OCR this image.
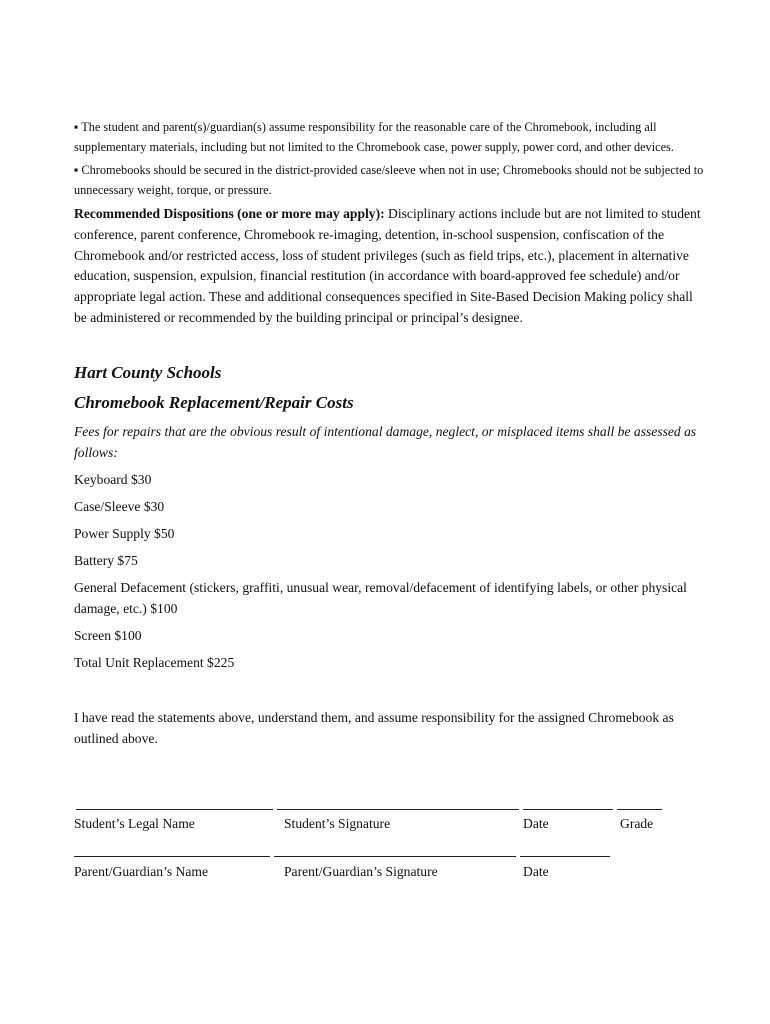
▪ The student and parent(s)/guardian(s) assume responsibility for the reasonable care of the Chromebook, including all supplementary materials, including but not limited to the Chromebook case, power supply, power cord, and other devices.

▪ Chromebooks should be secured in the district-provided case/sleeve when not in use; Chromebooks should not be subjected to unnecessary weight, torque, or pressure.

Recommended Dispositions (one or more may apply): Disciplinary actions include but are not limited to student conference, parent conference, Chromebook re-imaging, detention, in-school suspension, confiscation of the Chromebook and/or restricted access, loss of student privileges (such as field trips, etc.), placement in alternative education, suspension, expulsion, financial restitution (in accordance with board-approved fee schedule) and/or appropriate legal action. These and additional consequences specified in Site-Based Decision Making policy shall be administered or recommended by the building principal or principal’s designee.

Hart County Schools
Chromebook Replacement/Repair Costs

Fees for repairs that are the obvious result of intentional damage, neglect, or misplaced items shall be assessed as follows:

Keyboard $30

Case/Sleeve $30

Power Supply $50

Battery $75

General Defacement (stickers, graffiti, unusual wear, removal/defacement of identifying labels, or other physical damage, etc.) $100

Screen $100

Total Unit Replacement $225

I have read the statements above, understand them, and assume responsibility for the assigned Chromebook as outlined above.

Student’s Legal Name	Student’s Signature	Date	Grade
Parent/Guardian’s Name	Parent/Guardian’s Signature	Date
